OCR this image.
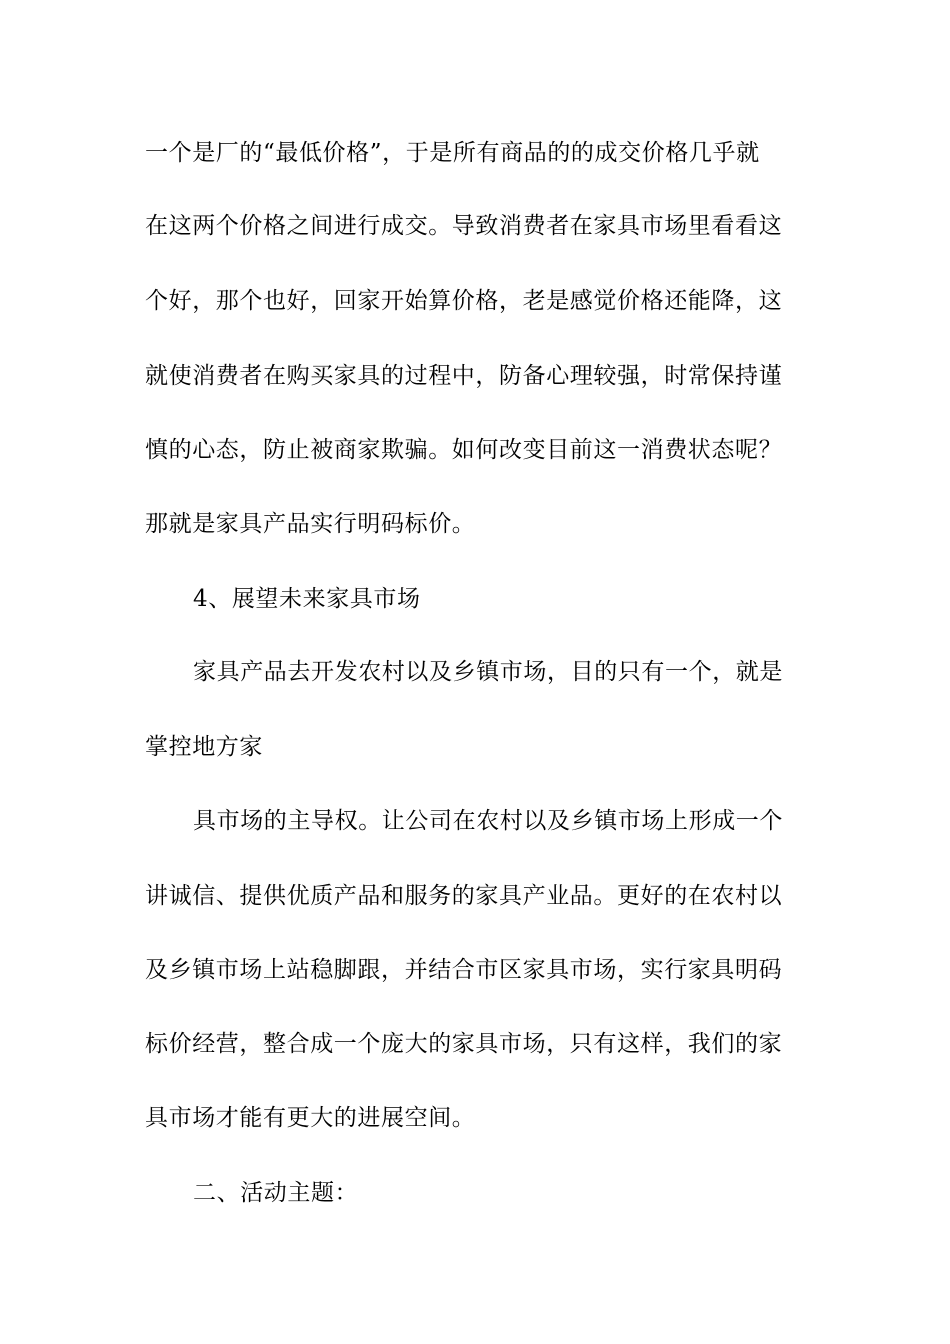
一个是厂的“最低价格”，于是所有商品的的成交价格几乎就
在这两个价格之间进行成交。导致消费者在家具市场里看看这
个好，那个也好，回家开始算价格，老是感觉价格还能降，这
就使消费者在购买家具的过程中，防备心理较强，时常保持谨
慎的心态，防止被商家欺骗。如何改变目前这一消费状态呢？
那就是家具产品实行明码标价。
4、展望未来家具市场
家具产品去开发农村以及乡镇市场，目的只有一个，就是
掌控地方家
具市场的主导权。让公司在农村以及乡镇市场上形成一个
讲诚信、提供优质产品和服务的家具产业品。更好的在农村以
及乡镇市场上站稳脚跟，并结合市区家具市场，实行家具明码
标价经营，整合成一个庞大的家具市场，只有这样，我们的家
具市场才能有更大的进展空间。
二、活动主题：
